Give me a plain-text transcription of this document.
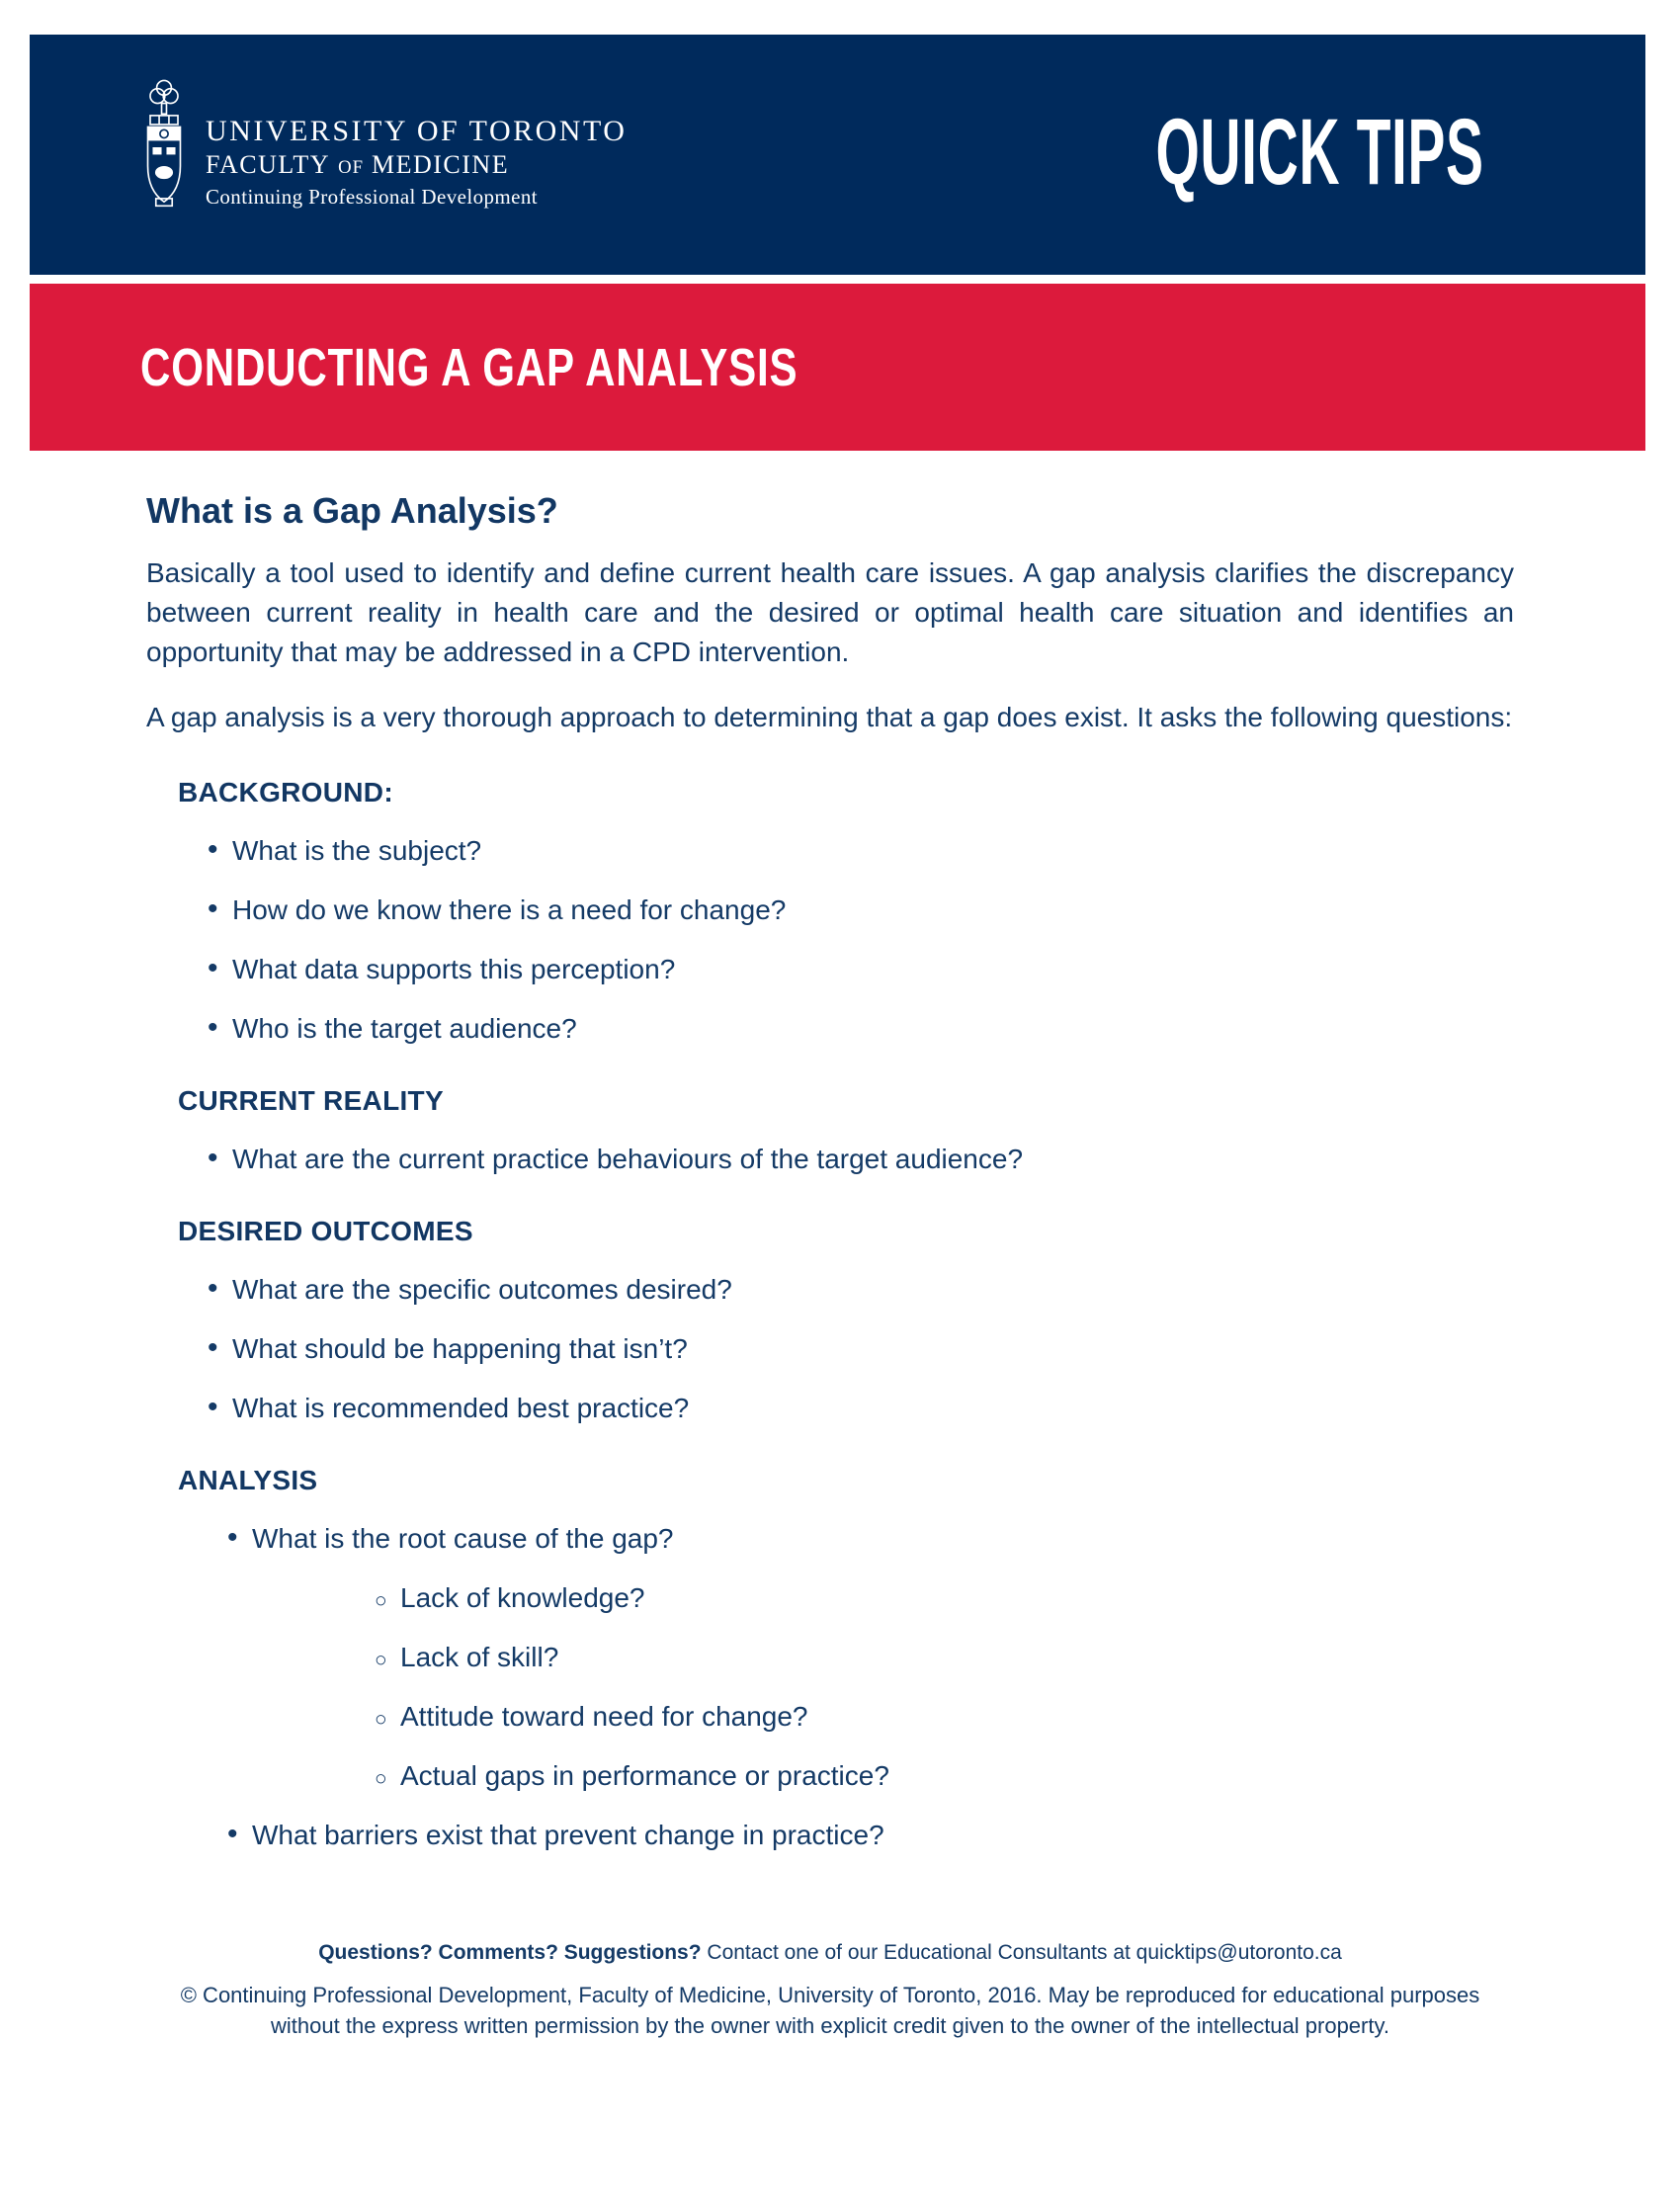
UNIVERSITY OF TORONTO
FACULTY OF MEDICINE
Continuing Professional Development	QUICK TIPS
CONDUCTING A GAP ANALYSIS
What is a Gap Analysis?

Basically a tool used to identify and define current health care issues. A gap analysis clarifies the discrepancy between current reality in health care and the desired or optimal health care situation and identifies an opportunity that may be addressed in a CPD intervention.

A gap analysis is a very thorough approach to determining that a gap does exist. It asks the following questions:

BACKGROUND:
• What is the subject?
• How do we know there is a need for change?
• What data supports this perception?
• Who is the target audience?
CURRENT REALITY
• What are the current practice behaviours of the target audience?
DESIRED OUTCOMES
• What are the specific outcomes desired?
• What should be happening that isn’t?
• What is recommended best practice?
ANALYSIS
• What is the root cause of the gap?
○ Lack of knowledge?
○ Lack of skill?
○ Attitude toward need for change?
○ Actual gaps in performance or practice?
• What barriers exist that prevent change in practice?
Questions? Comments? Suggestions? Contact one of our Educational Consultants at quicktips@utoronto.ca
© Continuing Professional Development, Faculty of Medicine, University of Toronto, 2016. May be reproduced for educational purposes without the express written permission by the owner with explicit credit given to the owner of the intellectual property.
